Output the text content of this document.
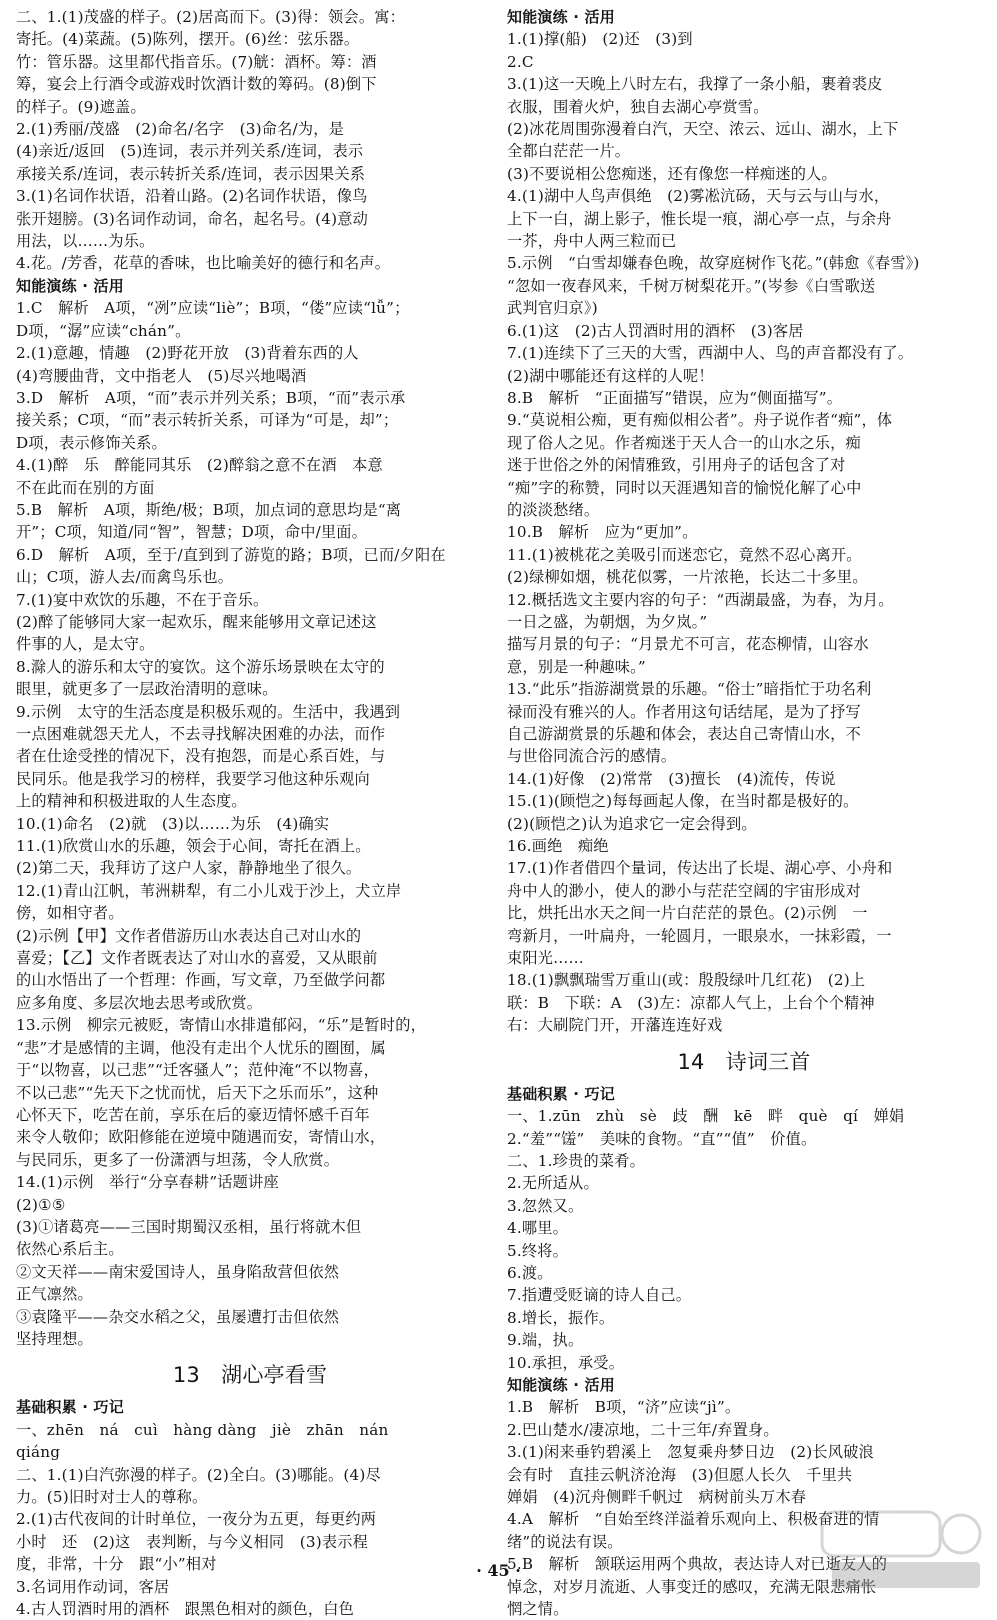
二、1.(1)茂盛的样子。(2)居高而下。(3)得：领会。寓：

寄托。(4)菜蔬。(5)陈列，摆开。(6)丝：弦乐器。

竹：管乐器。这里都代指音乐。(7)觥：酒杯。筹：酒

筹，宴会上行酒令或游戏时饮酒计数的筹码。(8)倒下

的样子。(9)遮盖。

2.(1)秀丽/茂盛　(2)命名/名字　(3)命名/为，是

(4)亲近/返回　(5)连词，表示并列关系/连词，表示

承接关系/连词，表示转折关系/连词，表示因果关系

3.(1)名词作状语，沿着山路。(2)名词作状语，像鸟

张开翅膀。(3)名词作动词，命名，起名号。(4)意动

用法，以……为乐。

4.花。/芳香，花草的香味，也比喻美好的德行和名声。

知能演练 · 活用

1.C　解析　A项，“冽”应读“liè”；B项，“偻”应读“lǚ”；

D项，“潺”应读“chán”。

2.(1)意趣，情趣　(2)野花开放　(3)背着东西的人

(4)弯腰曲背，文中指老人　(5)尽兴地喝酒

3.D　解析　A项，“而”表示并列关系；B项，“而”表示承

接关系；C项，“而”表示转折关系，可译为“可是，却”；

D项，表示修饰关系。

4.(1)醉　乐　醉能同其乐　(2)醉翁之意不在酒　本意

不在此而在别的方面

5.B　解析　A项，斯绝/极；B项，加点词的意思均是“离

开”；C项，知道/同“智”，智慧；D项，命中/里面。

6.D　解析　A项，至于/直到到了游览的路；B项，已而/夕阳在

山；C项，游人去/而禽鸟乐也。

7.(1)宴中欢饮的乐趣，不在于音乐。

(2)醉了能够同大家一起欢乐，醒来能够用文章记述这

件事的人，是太守。

8.滁人的游乐和太守的宴饮。这个游乐场景映在太守的

眼里，就更多了一层政治清明的意味。

9.示例　太守的生活态度是积极乐观的。生活中，我遇到

一点困难就怨天尤人，不去寻找解决困难的办法，而作

者在仕途受挫的情况下，没有抱怨，而是心系百姓，与

民同乐。他是我学习的榜样，我要学习他这种乐观向

上的精神和积极进取的人生态度。

10.(1)命名　(2)就　(3)以……为乐　(4)确实

11.(1)欣赏山水的乐趣，领会于心间，寄托在酒上。

(2)第二天，我拜访了这户人家，静静地坐了很久。

12.(1)青山江帆，苇洲耕犁，有二小儿戏于沙上，犬立岸

傍，如相守者。

(2)示例【甲】文作者借游历山水表达自己对山水的

喜爱；【乙】文作者既表达了对山水的喜爱，又从眼前

的山水悟出了一个哲理：作画，写文章，乃至做学问都

应多角度、多层次地去思考或欣赏。

13.示例　柳宗元被贬，寄情山水排遣郁闷，“乐”是暂时的，

“悲”才是感情的主调，他没有走出个人忧乐的圈囿，属

于“以物喜，以己悲”“迁客骚人”；范仲淹“不以物喜，

不以己悲”“先天下之忧而忧，后天下之乐而乐”，这种

心怀天下，吃苦在前，享乐在后的豪迈情怀感千百年

来令人敬仰；欧阳修能在逆境中随遇而安，寄情山水，

与民同乐，更多了一份潇洒与坦荡，令人欣赏。

14.(1)示例　举行“分享春耕”话题讲座

(2)①⑤

(3)①诸葛亮——三国时期蜀汉丞相，虽行将就木但

依然心系后主。

②文天祥——南宋爱国诗人，虽身陷敌营但依然

正气凛然。

③袁隆平——杂交水稻之父，虽屡遭打击但依然

坚持理想。

13　湖心亭看雪

基础积累 · 巧记

一、zhēn　ná　cuì　hàng dàng　jiè　zhān　nán

qiáng

二、1.(1)白汽弥漫的样子。(2)全白。(3)哪能。(4)尽

力。(5)旧时对士人的尊称。

2.(1)古代夜间的计时单位，一夜分为五更，每更约两

小时　还　(2)这　表判断，与今义相同　(3)表示程

度，非常，十分　跟“小”相对

3.名词用作动词，客居

4.古人罚酒时用的酒杯　跟黑色相对的颜色，白色

知能演练 · 活用

1.(1)撑(船)　(2)还　(3)到

2.C

3.(1)这一天晚上八时左右，我撑了一条小船，裹着裘皮

衣服，围着火炉，独自去湖心亭赏雪。

(2)冰花周围弥漫着白汽，天空、浓云、远山、湖水，上下

全都白茫茫一片。

(3)不要说相公您痴迷，还有像您一样痴迷的人。

4.(1)湖中人鸟声俱绝　(2)雾凇沆砀，天与云与山与水，

上下一白，湖上影子，惟长堤一痕，湖心亭一点，与余舟

一芥，舟中人两三粒而已

5.示例　“白雪却嫌春色晚，故穿庭树作飞花。”(韩愈《春雪》)

“忽如一夜春风来，千树万树梨花开。”(岑参《白雪歌送

武判官归京》)

6.(1)这　(2)古人罚酒时用的酒杯　(3)客居

7.(1)连续下了三天的大雪，西湖中人、鸟的声音都没有了。

(2)湖中哪能还有这样的人呢！

8.B　解析　“正面描写”错误，应为“侧面描写”。

9.“莫说相公痴，更有痴似相公者”。舟子说作者“痴”，体

现了俗人之见。作者痴迷于天人合一的山水之乐，痴

迷于世俗之外的闲情雅致，引用舟子的话包含了对

“痴”字的称赞，同时以天涯遇知音的愉悦化解了心中

的淡淡愁绪。

10.B　解析　应为“更加”。

11.(1)被桃花之美吸引而迷恋它，竟然不忍心离开。

(2)绿柳如烟，桃花似雾，一片浓艳，长达二十多里。

12.概括选文主要内容的句子：“西湖最盛，为春，为月。

一日之盛，为朝烟，为夕岚。”

描写月景的句子：“月景尤不可言，花态柳情，山容水

意，别是一种趣味。”

13.“此乐”指游湖赏景的乐趣。“俗士”暗指忙于功名利

禄而没有雅兴的人。作者用这句话结尾，是为了抒写

自己游湖赏景的乐趣和体会，表达自己寄情山水，不

与世俗同流合污的感情。

14.(1)好像　(2)常常　(3)擅长　(4)流传，传说

15.(1)(顾恺之)每每画起人像，在当时都是极好的。

(2)(顾恺之)认为追求它一定会得到。

16.画绝　痴绝

17.(1)作者借四个量词，传达出了长堤、湖心亭、小舟和

舟中人的渺小，使人的渺小与茫茫空阔的宇宙形成对

比，烘托出水天之间一片白茫茫的景色。(2)示例　一

弯新月，一叶扁舟，一轮圆月，一眼泉水，一抹彩霞，一

束阳光……

18.(1)飘飘瑞雪万重山(或：殷殷绿叶几红花)　(2)上

联：B　下联：A　(3)左：凉都人气上，上台个个精神

右：大刷院门开，开藩连连好戏

14　诗词三首

基础积累 · 巧记

一、1.zūn　zhù　sè　歧　酬　kē　畔　què　qí　婵娟

2.“羞”“馐”　美味的食物。“直”“值”　价值。

二、1.珍贵的菜肴。

2.无所适从。

3.忽然又。

4.哪里。

5.终将。

6.渡。

7.指遭受贬谪的诗人自己。

8.增长，振作。

9.端，执。

10.承担，承受。

知能演练 · 活用

1.B　解析　B项，“济”应读“jì”。

2.巴山楚水/凄凉地，二十三年/弃置身。

3.(1)闲来垂钓碧溪上　忽复乘舟梦日边　(2)长风破浪

会有时　直挂云帆济沧海　(3)但愿人长久　千里共

婵娟　(4)沉舟侧畔千帆过　病树前头万木春

4.A　解析　“自始至终洋溢着乐观向上、积极奋进的情

绪”的说法有误。

5.B　解析　颔联运用两个典故，表达诗人对已逝友人的

悼念，对岁月流逝、人事变迁的感叹，充满无限悲痛怅

惘之情。

· 45 ·
